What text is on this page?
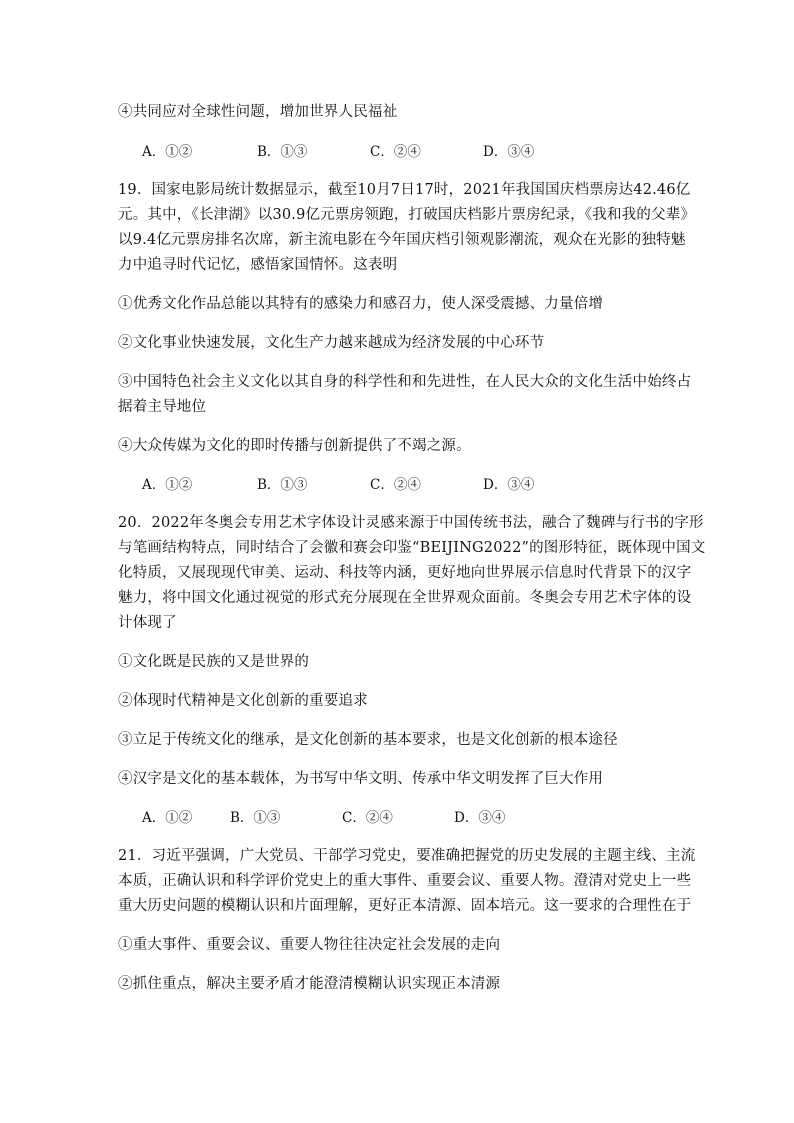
④共同应对全球性问题，增加世界人民福祉
A．①②	B．①③	C．②④	D．③④
19．国家电影局统计数据显示，截至10月7日17时，2021年我国国庆档票房达42.46亿
元。其中，《长津湖》以30.9亿元票房领跑，打破国庆档影片票房纪录，《我和我的父辈》
以9.4亿元票房排名次席，新主流电影在今年国庆档引领观影潮流，观众在光影的独特魅
力中追寻时代记忆，感悟家国情怀。这表明
①优秀文化作品总能以其特有的感染力和感召力，使人深受震撼、力量倍增
②文化事业快速发展，文化生产力越来越成为经济发展的中心环节
③中国特色社会主义文化以其自身的科学性和和先进性，在人民大众的文化生活中始终占
据着主导地位
④大众传媒为文化的即时传播与创新提供了不竭之源。
A．①②	B．①③	C．②④	D．③④
20．2022年冬奥会专用艺术字体设计灵感来源于中国传统书法，融合了魏碑与行书的字形
与笔画结构特点，同时结合了会徽和赛会印鉴“BEIJING2022”的图形特征，既体现中国文
化特质，又展现现代审美、运动、科技等内涵，更好地向世界展示信息时代背景下的汉字
魅力，将中国文化通过视觉的形式充分展现在全世界观众面前。冬奥会专用艺术字体的设
计体现了
①文化既是民族的又是世界的
②体现时代精神是文化创新的重要追求
③立足于传统文化的继承，是文化创新的基本要求，也是文化创新的根本途径
④汉字是文化的基本载体，为书写中华文明、传承中华文明发挥了巨大作用
A．①②	B．①③	C．②④	D．③④
21．习近平强调，广大党员、干部学习党史，要准确把握党的历史发展的主题主线、主流
本质，正确认识和科学评价党史上的重大事件、重要会议、重要人物。澄清对党史上一些
重大历史问题的模糊认识和片面理解，更好正本清源、固本培元。这一要求的合理性在于
①重大事件、重要会议、重要人物往往决定社会发展的走向
②抓住重点，解决主要矛盾才能澄清模糊认识实现正本清源
